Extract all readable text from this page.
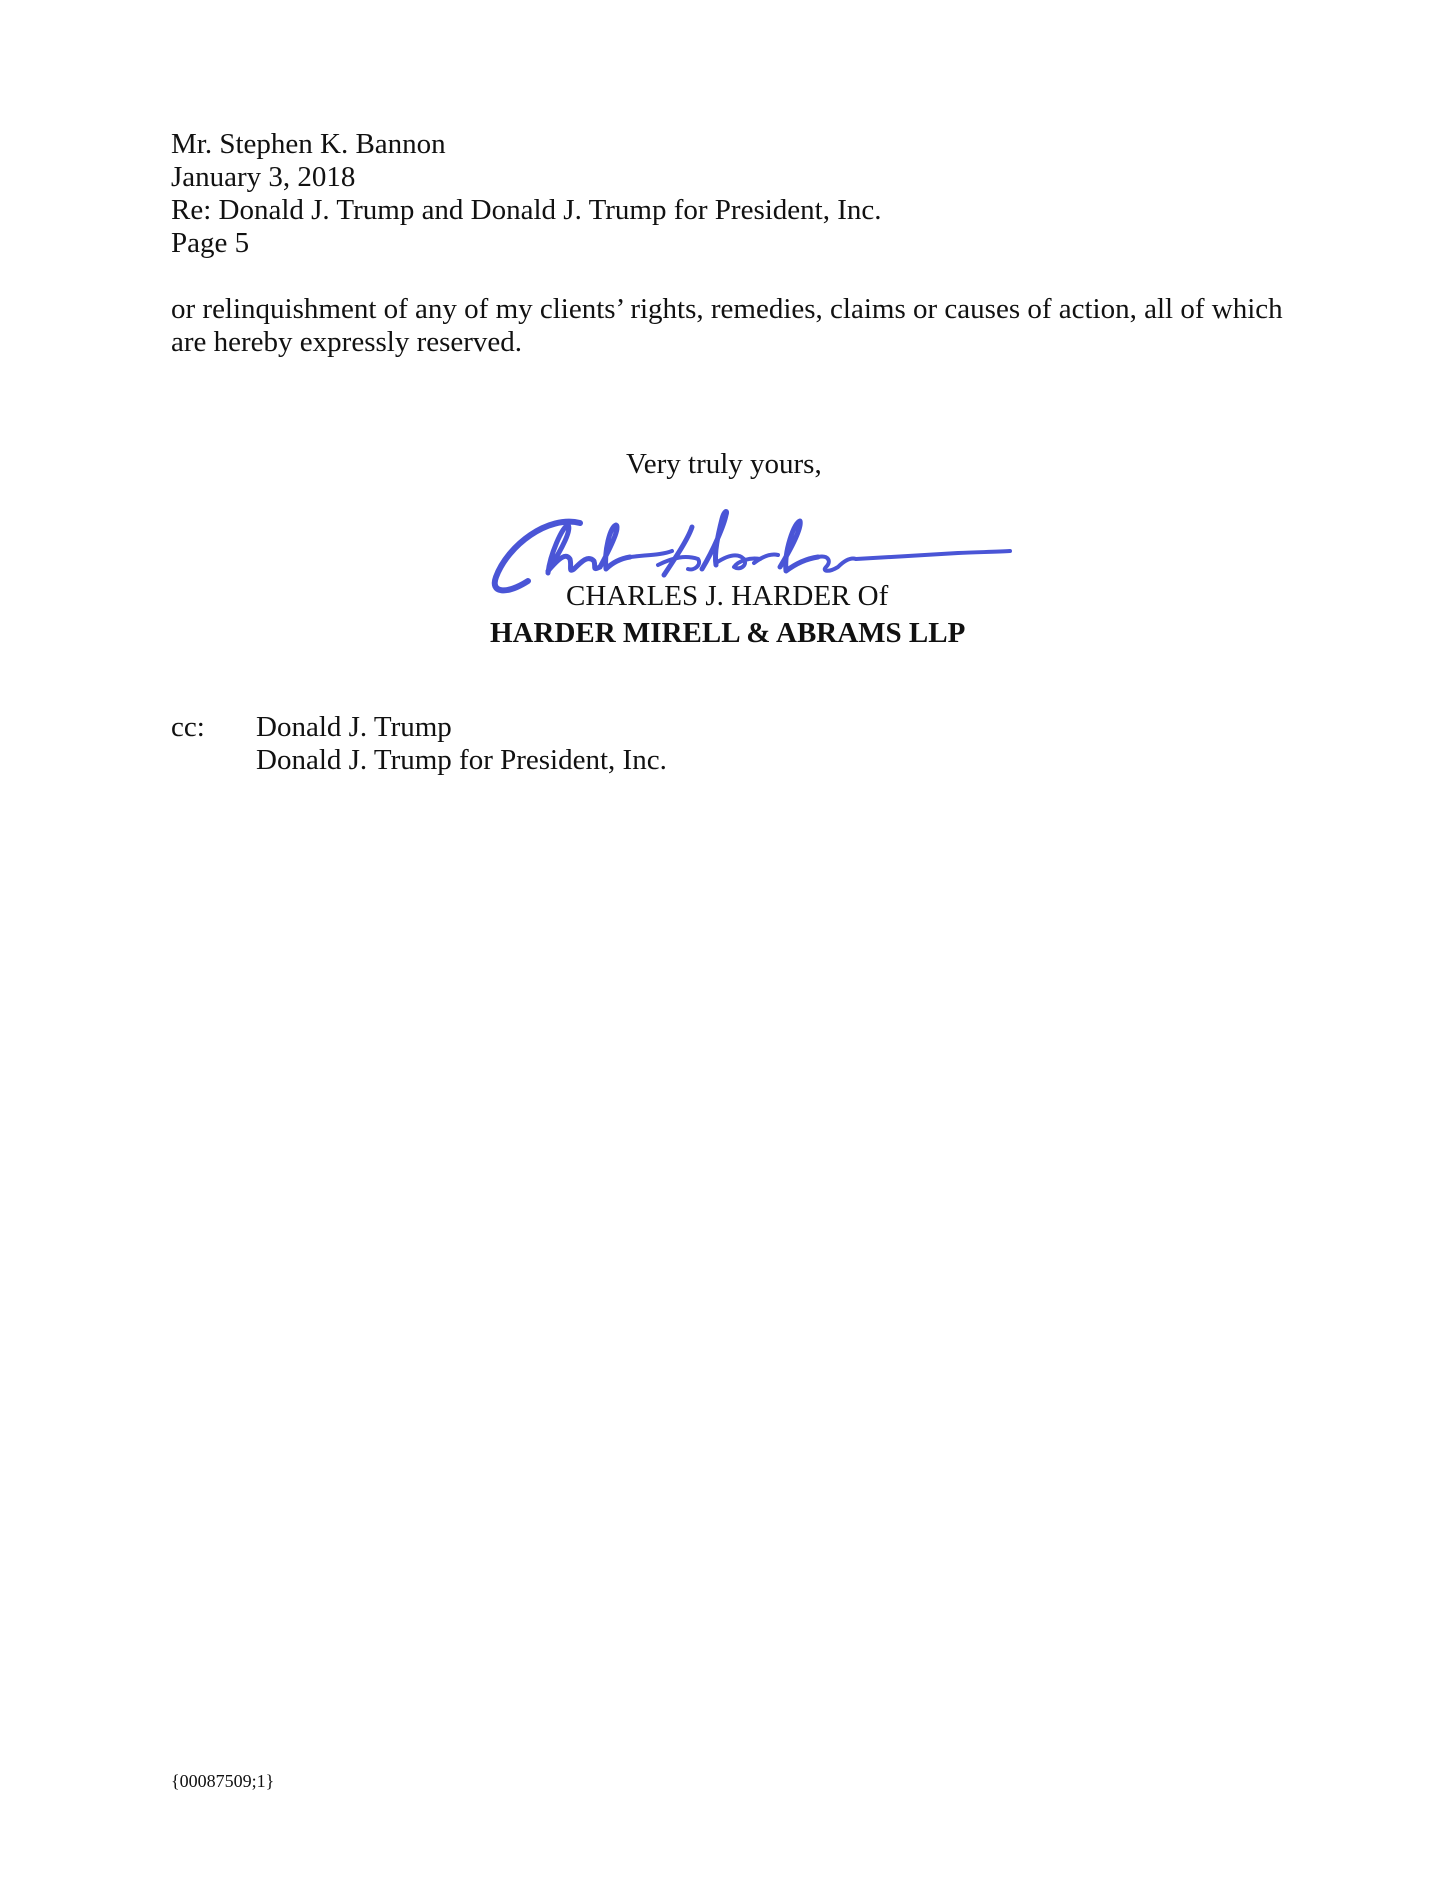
Mr. Stephen K. Bannon
January 3, 2018
Re: Donald J. Trump and Donald J. Trump for President, Inc.
Page 5
or relinquishment of any of my clients’ rights, remedies, claims or causes of action, all of which
are hereby expressly reserved.
Very truly yours,
CHARLES J. HARDER Of
HARDER MIRELL & ABRAMS LLP
cc: Donald J. Trump
Donald J. Trump for President, Inc.
{00087509;1}
